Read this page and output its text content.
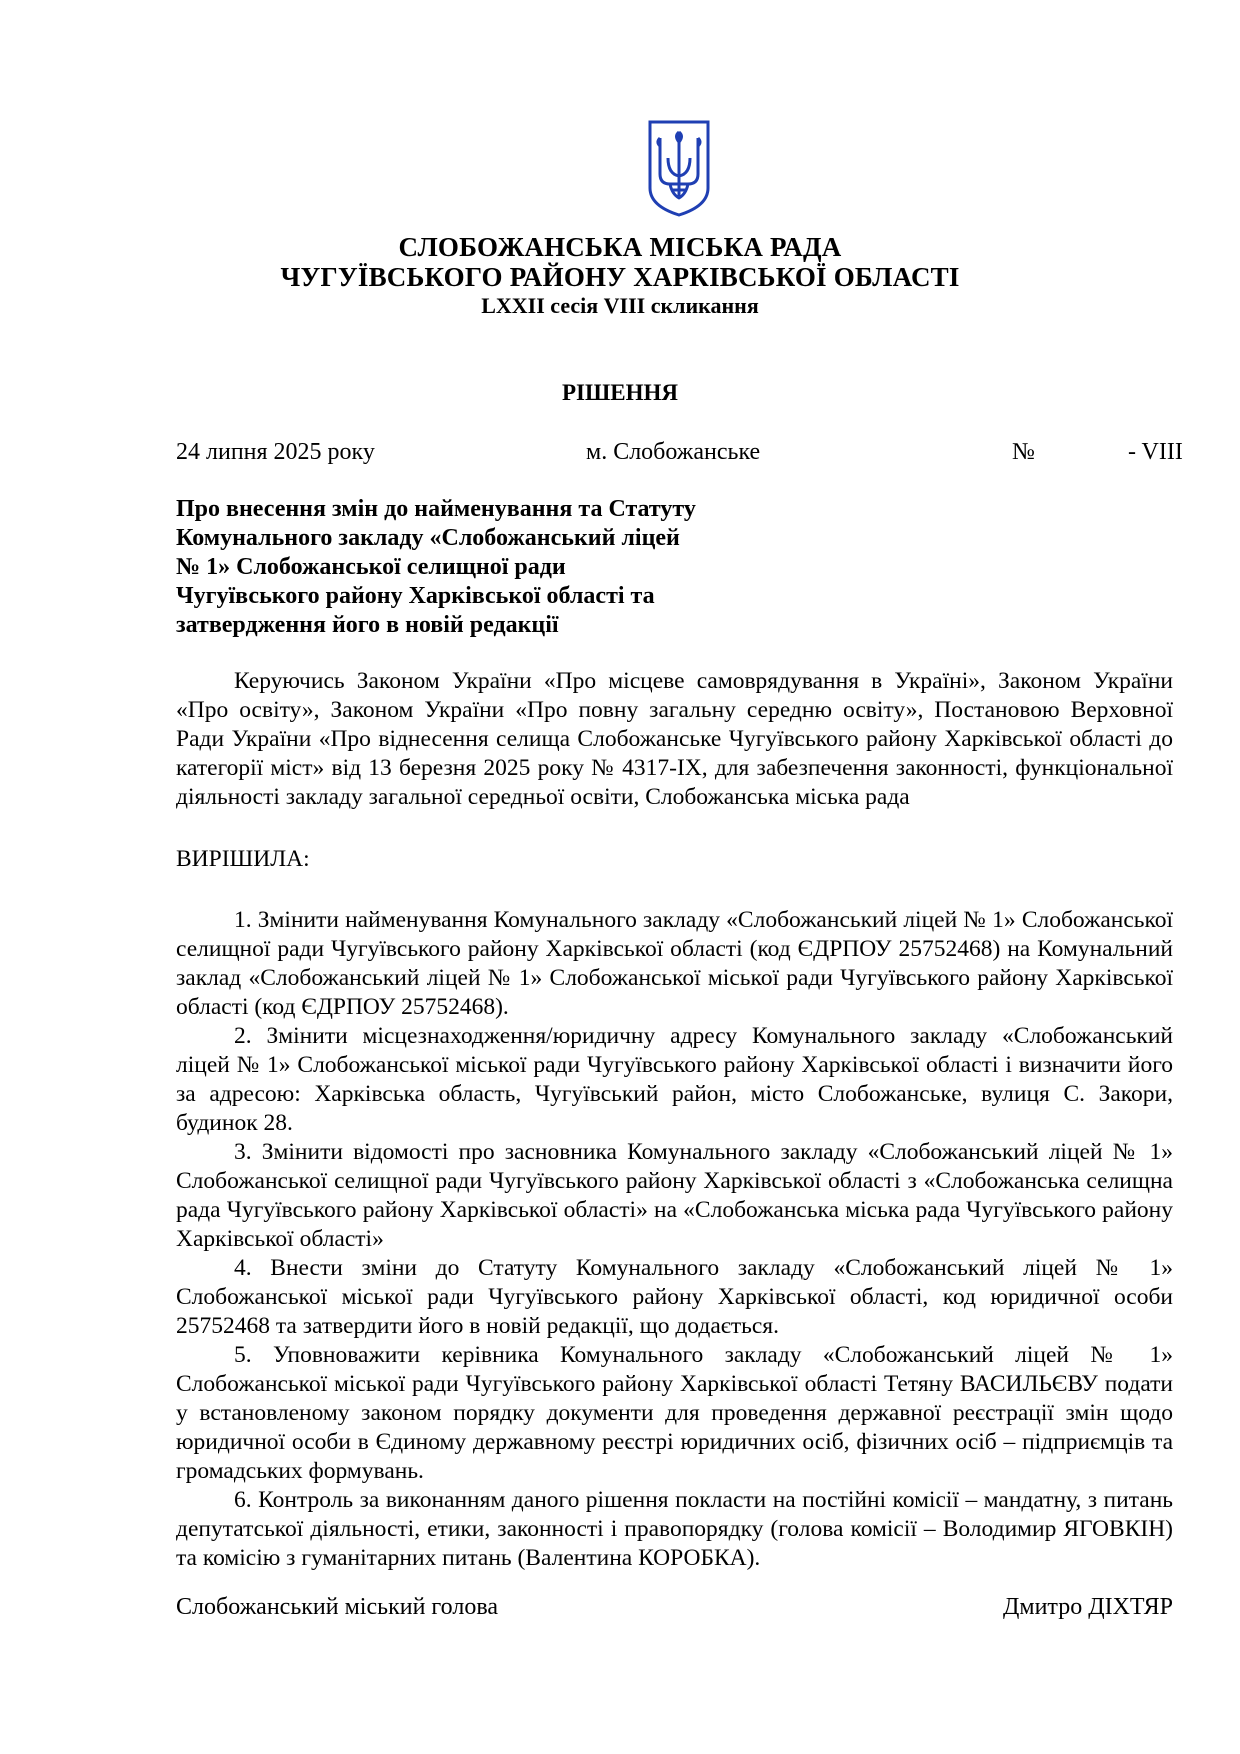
СЛОБОЖАНСЬКА МІСЬКА РАДА
ЧУГУЇВСЬКОГО РАЙОНУ ХАРКІВСЬКОЇ ОБЛАСТІ
LXXII сесія VIII скликання
РІШЕННЯ
24 липня 2025 року	м. Слобожанське	№	- VIII
Про внесення змін до найменування та Статуту
Комунального закладу «Слобожанський ліцей
№ 1» Слобожанської селищної ради
Чугуївського району Харківської області та
затвердження його в новій редакції
Керуючись Законом України «Про місцеве самоврядування в Україні», Законом України «Про освіту», Законом України «Про повну загальну середню освіту», Постановою Верховної Ради України «Про віднесення селища Слобожанське Чугуївського району Харківської області до категорії міст» від 13 березня 2025 року № 4317-IX, для забезпечення законності, функціональної діяльності закладу загальної середньої освіти, Слобожанська міська рада
ВИРІШИЛА:

1. Змінити найменування Комунального закладу «Слобожанський ліцей № 1» Слобожанської селищної ради Чугуївського району Харківської області (код ЄДРПОУ 25752468) на Комунальний заклад «Слобожанський ліцей № 1» Слобожанської міської ради Чугуївського району Харківської області (код ЄДРПОУ 25752468).

2. Змінити місцезнаходження/юридичну адресу Комунального закладу «Слобожанський ліцей № 1» Слобожанської міської ради Чугуївського району Харківської області і визначити його за адресою: Харківська область, Чугуївський район, місто Слобожанське, вулиця С. Закори, будинок 28.

3. Змінити відомості про засновника Комунального закладу «Слобожанський ліцей № 1» Слобожанської селищної ради Чугуївського району Харківської області з «Слобожанська селищна рада Чугуївського району Харківської області» на «Слобожанська міська рада Чугуївського району Харківської області»

4. Внести зміни до Статуту Комунального закладу «Слобожанський ліцей № 1» Слобожанської міської ради Чугуївського району Харківської області, код юридичної особи 25752468 та затвердити його в новій редакції, що додається.

5. Уповноважити керівника Комунального закладу «Слобожанський ліцей № 1» Слобожанської міської ради Чугуївського району Харківської області Тетяну ВАСИЛЬЄВУ подати у встановленому законом порядку документи для проведення державної реєстрації змін щодо юридичної особи в Єдиному державному реєстрі юридичних осіб, фізичних осіб – підприємців та громадських формувань.

6. Контроль за виконанням даного рішення покласти на постійні комісії – мандатну, з питань депутатської діяльності, етики, законності і правопорядку (голова комісії – Володимир ЯГОВКІН) та комісію з гуманітарних питань (Валентина КОРОБКА).

Слобожанський міський голова	Дмитро ДІХТЯР
